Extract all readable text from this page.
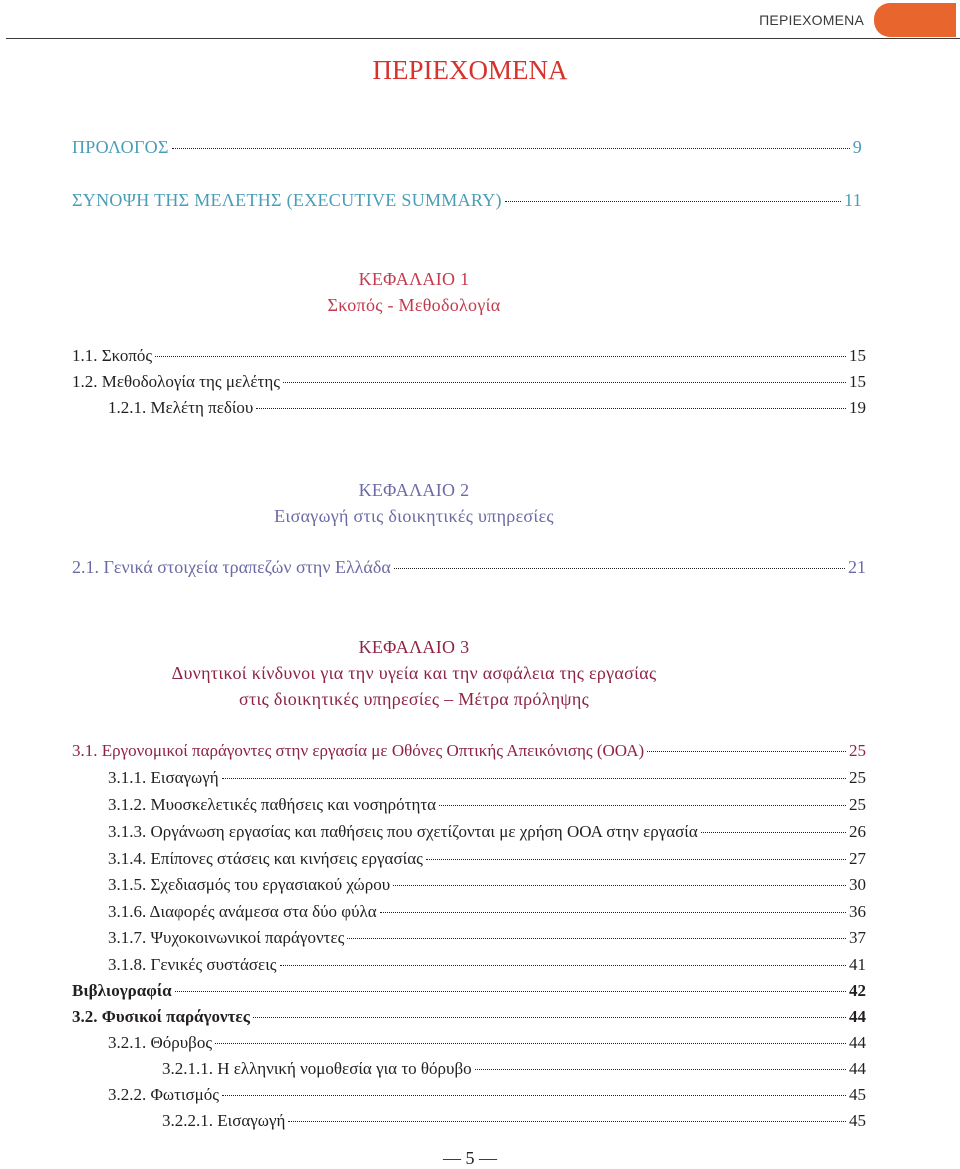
ΠΕΡΙΕΧΟΜΕΝΑ
ΠΕΡΙΕΧΟΜΕΝΑ
ΠΡΟΛΟΓΟΣ	9
ΣΥΝΟΨΗ ΤΗΣ ΜΕΛΕΤΗΣ (EXECUTIVE SUMMARY)	11
ΚΕΦΑΛΑΙΟ 1
Σκοπός - Μεθοδολογία
1.1. Σκοπός	15
1.2. Μεθοδολογία της μελέτης	15
1.2.1. Μελέτη πεδίου	19
ΚΕΦΑΛΑΙΟ 2
Εισαγωγή στις διοικητικές υπηρεσίες
2.1. Γενικά στοιχεία τραπεζών στην Ελλάδα	21
ΚΕΦΑΛΑΙΟ 3
Δυνητικοί κίνδυνοι για την υγεία και την ασφάλεια της εργασίας
στις διοικητικές υπηρεσίες – Μέτρα πρόληψης
3.1. Εργονομικοί παράγοντες στην εργασία με Οθόνες Οπτικής Απεικόνισης (ΟΟΑ)	25
3.1.1. Εισαγωγή	25
3.1.2. Μυοσκελετικές παθήσεις και νοσηρότητα	25
3.1.3. Οργάνωση εργασίας και παθήσεις που σχετίζονται με χρήση ΟΟΑ στην εργασία	26
3.1.4. Επίπονες στάσεις και κινήσεις εργασίας	27
3.1.5. Σχεδιασμός του εργασιακού χώρου	30
3.1.6. Διαφορές ανάμεσα στα δύο φύλα	36
3.1.7. Ψυχοκοινωνικοί παράγοντες	37
3.1.8. Γενικές συστάσεις	41
Βιβλιογραφία	42
3.2. Φυσικοί παράγοντες	44
3.2.1. Θόρυβος	44
3.2.1.1. Η ελληνική νομοθεσία για το θόρυβο	44
3.2.2. Φωτισμός	45
3.2.2.1. Εισαγωγή	45
— 5 —
